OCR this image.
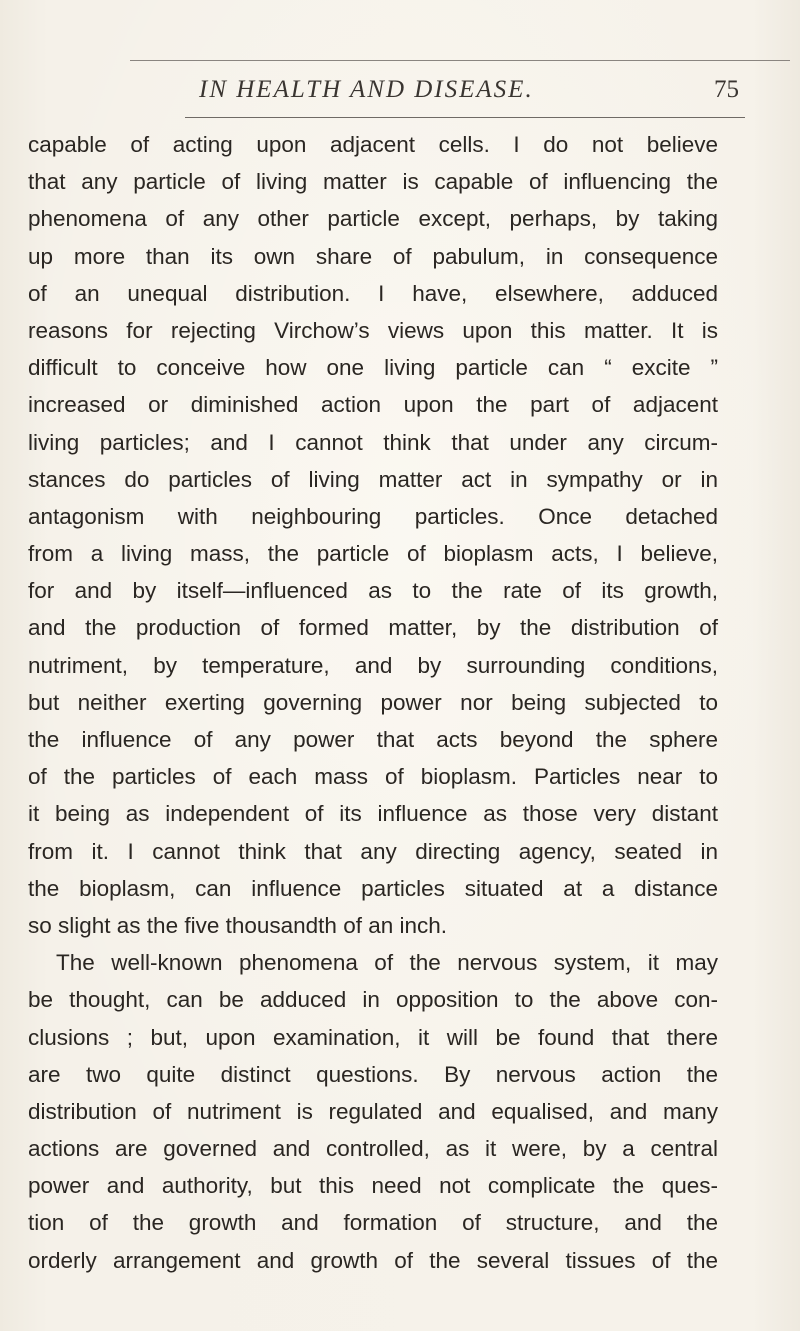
IN HEALTH AND DISEASE.	75
capable of acting upon adjacent cells. I do not believe
that any particle of living matter is capable of influencing the
phenomena of any other particle except, perhaps, by taking
up more than its own share of pabulum, in consequence
of an unequal distribution. I have, elsewhere, adduced
reasons for rejecting Virchow’s views upon this matter. It is
difficult to conceive how one living particle can “ excite ”
increased or diminished action upon the part of adjacent
living particles; and I cannot think that under any circum-
stances do particles of living matter act in sympathy or in
antagonism with neighbouring particles. Once detached
from a living mass, the particle of bioplasm acts, I believe,
for and by itself—influenced as to the rate of its growth,
and the production of formed matter, by the distribution of
nutriment, by temperature, and by surrounding conditions,
but neither exerting governing power nor being subjected to
the influence of any power that acts beyond the sphere
of the particles of each mass of bioplasm. Particles near to
it being as independent of its influence as those very distant
from it. I cannot think that any directing agency, seated in
the bioplasm, can influence particles situated at a distance
so slight as the five thousandth of an inch.
The well-known phenomena of the nervous system, it may
be thought, can be adduced in opposition to the above con-
clusions ; but, upon examination, it will be found that there
are two quite distinct questions. By nervous action the
distribution of nutriment is regulated and equalised, and many
actions are governed and controlled, as it were, by a central
power and authority, but this need not complicate the ques-
tion of the growth and formation of structure, and the
orderly arrangement and growth of the several tissues of the
